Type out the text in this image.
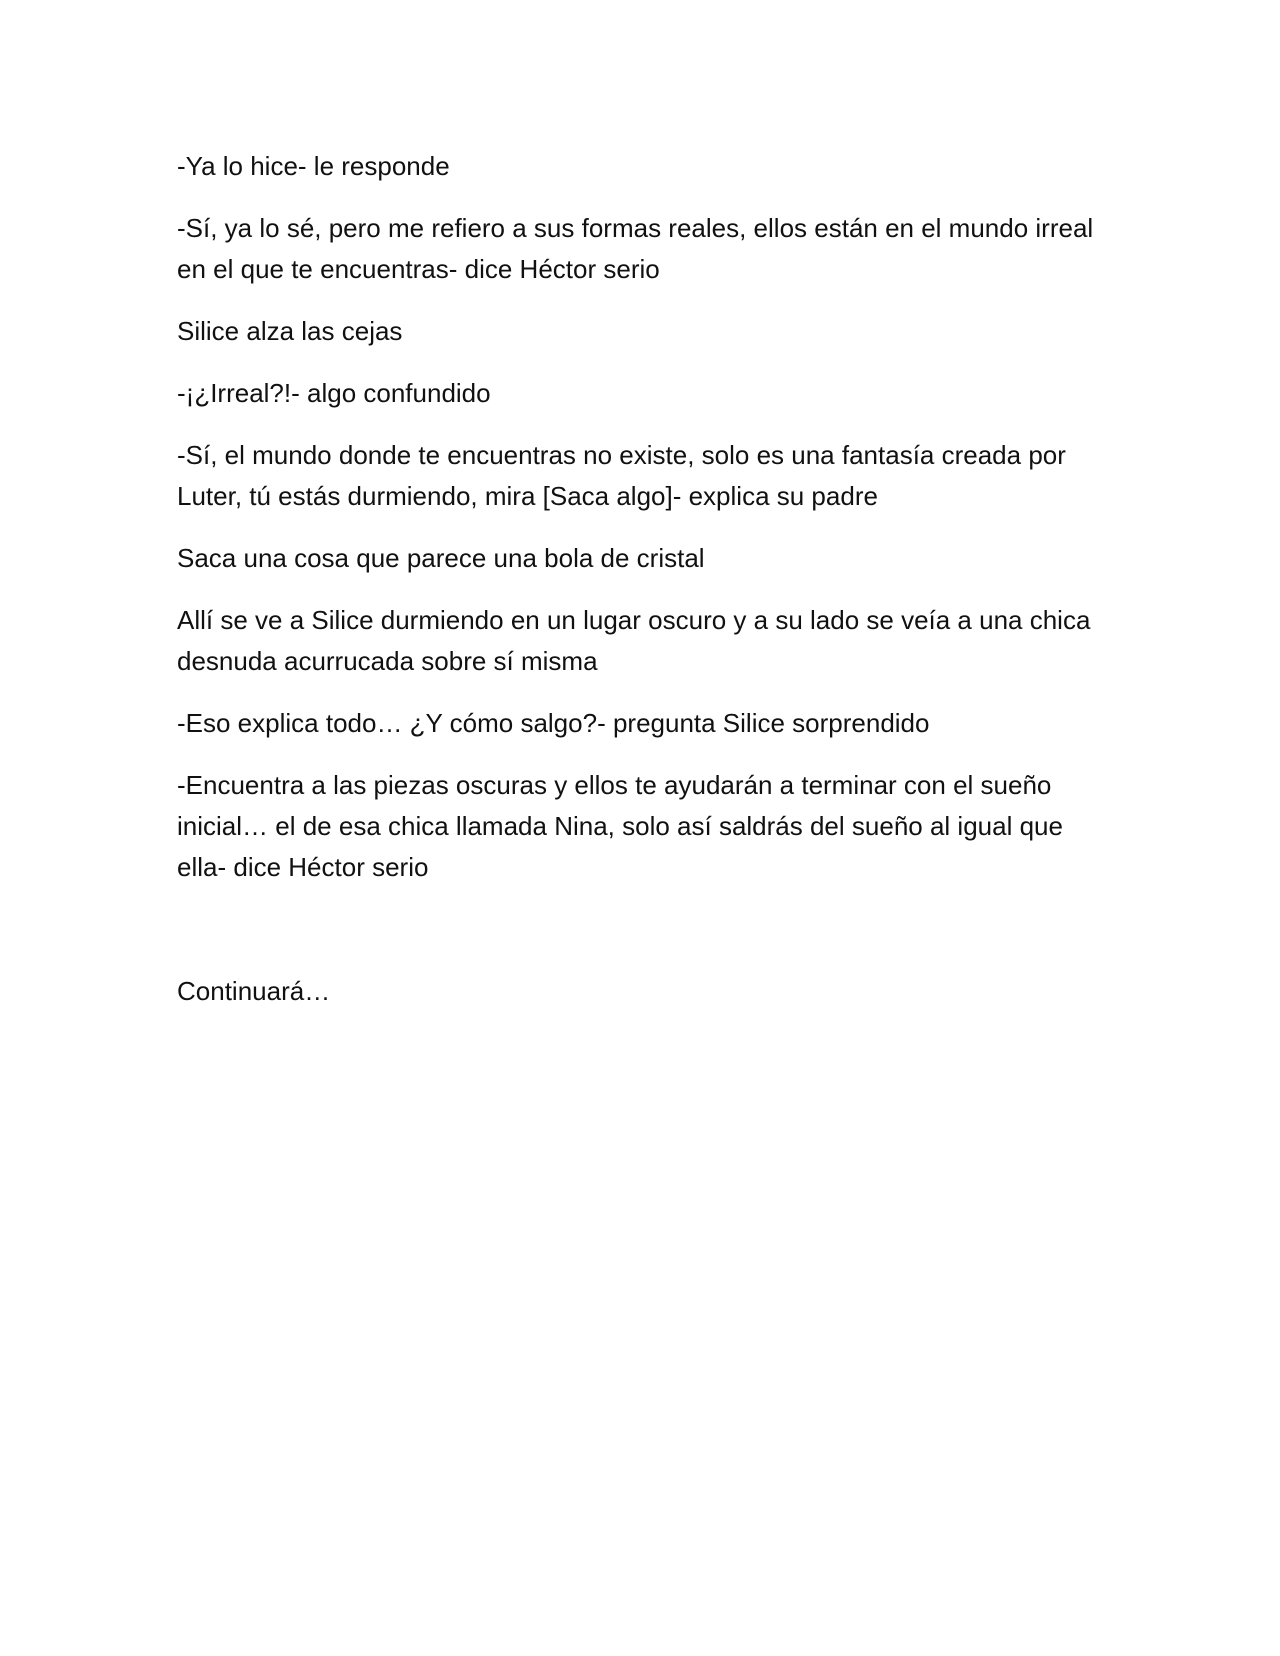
-Ya lo hice- le responde

-Sí, ya lo sé, pero me refiero a sus formas reales, ellos están en el mundo irreal en el que te encuentras- dice Héctor serio

Silice alza las cejas

-¡¿Irreal?!- algo confundido

-Sí, el mundo donde te encuentras no existe, solo es una fantasía creada por Luter, tú estás durmiendo, mira [Saca algo]- explica su padre

Saca una cosa que parece una bola de cristal

Allí se ve a Silice durmiendo en un lugar oscuro y a su lado se veía a una chica desnuda acurrucada sobre sí misma

-Eso explica todo… ¿Y cómo salgo?- pregunta Silice sorprendido

-Encuentra a las piezas oscuras y ellos te ayudarán a terminar con el sueño inicial… el de esa chica llamada Nina, solo así saldrás del sueño al igual que ella- dice Héctor serio

Continuará…
